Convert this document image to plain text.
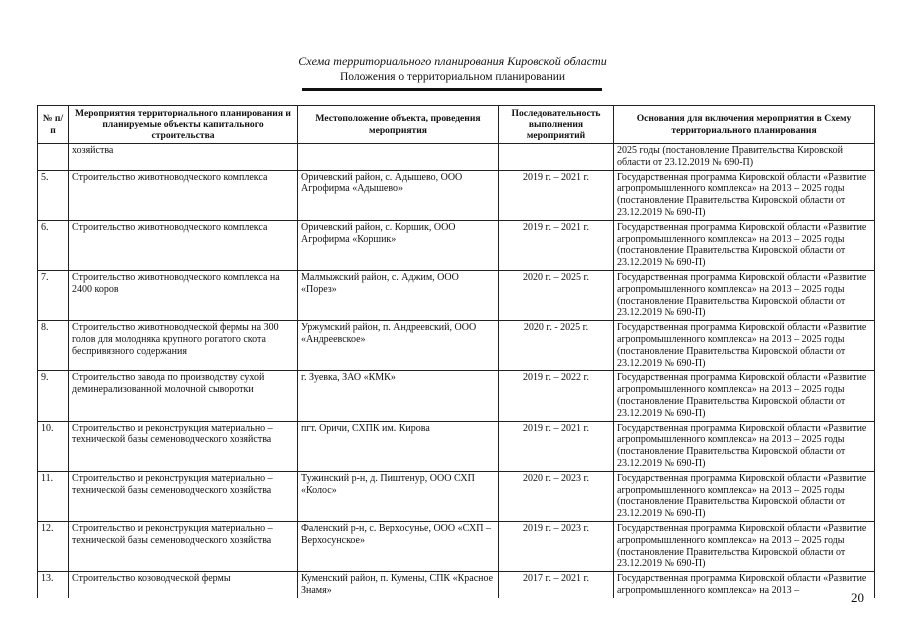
Схема территориального планирования Кировской области
Положения о территориальном планировании
№ п/п	Мероприятия территориального планирования и планируемые объекты капитального строительства	Местоположение объекта, проведения мероприятия	Последовательность выполнения мероприятий	Основания для включения мероприятия в Схему территориального планирования
	хозяйства			2025 годы (постановление Правительства Кировской области от 23.12.2019 № 690-П)
5.	Строительство животноводческого комплекса	Оричевский район, с. Адышево, ООО Агрофирма «Адышево»	2019 г. – 2021 г.	Государственная программа Кировской области «Развитие агропромышленного комплекса» на 2013 – 2025 годы (постановление Правительства Кировской области от 23.12.2019 № 690-П)
6.	Строительство животноводческого комплекса	Оричевский район, с. Коршик, ООО Агрофирма «Коршик»	2019 г. – 2021 г.	Государственная программа Кировской области «Развитие агропромышленного комплекса» на 2013 – 2025 годы (постановление Правительства Кировской области от 23.12.2019 № 690-П)
7.	Строительство животноводческого комплекса на 2400 коров	Малмыжский район, с. Аджим, ООО «Порез»	2020 г. – 2025 г.	Государственная программа Кировской области «Развитие агропромышленного комплекса» на 2013 – 2025 годы (постановление Правительства Кировской области от 23.12.2019 № 690-П)
8.	Строительство животноводческой фермы на 300 голов для молодняка крупного рогатого скота беспривязного содержания	Уржумский район, п. Андреевский, ООО «Андреевское»	2020 г. - 2025 г.	Государственная программа Кировской области «Развитие агропромышленного комплекса» на 2013 – 2025 годы (постановление Правительства Кировской области от 23.12.2019 № 690-П)
9.	Строительство завода по производству сухой деминерализованной молочной сыворотки	г. Зуевка, ЗАО «КМК»	2019 г. – 2022 г.	Государственная программа Кировской области «Развитие агропромышленного комплекса» на 2013 – 2025 годы (постановление Правительства Кировской области от 23.12.2019 № 690-П)
10.	Строительство и реконструкция материально – технической базы семеноводческого хозяйства	пгт. Оричи, СХПК им. Кирова	2019 г. – 2021 г.	Государственная программа Кировской области «Развитие агропромышленного комплекса» на 2013 – 2025 годы (постановление Правительства Кировской области от 23.12.2019 № 690-П)
11.	Строительство и реконструкция материально – технической базы семеноводческого хозяйства	Тужинский р-н, д. Пиштенур, ООО СХП «Колос»	2020 г. – 2023 г.	Государственная программа Кировской области «Развитие агропромышленного комплекса» на 2013 – 2025 годы (постановление Правительства Кировской области от 23.12.2019 № 690-П)
12.	Строительство и реконструкция материально – технической базы семеноводческого хозяйства	Фаленский р-н, с. Верхосунье, ООО «СХП – Верхосунское»	2019 г. – 2023 г.	Государственная программа Кировской области «Развитие агропромышленного комплекса» на 2013 – 2025 годы (постановление Правительства Кировской области от 23.12.2019 № 690-П)
13.	Строительство козоводческой фермы	Куменский район, п. Кумены, СПК «Красное Знамя»	2017 г. – 2021 г.	Государственная программа Кировской области «Развитие агропромышленного комплекса» на 2013 –	20
